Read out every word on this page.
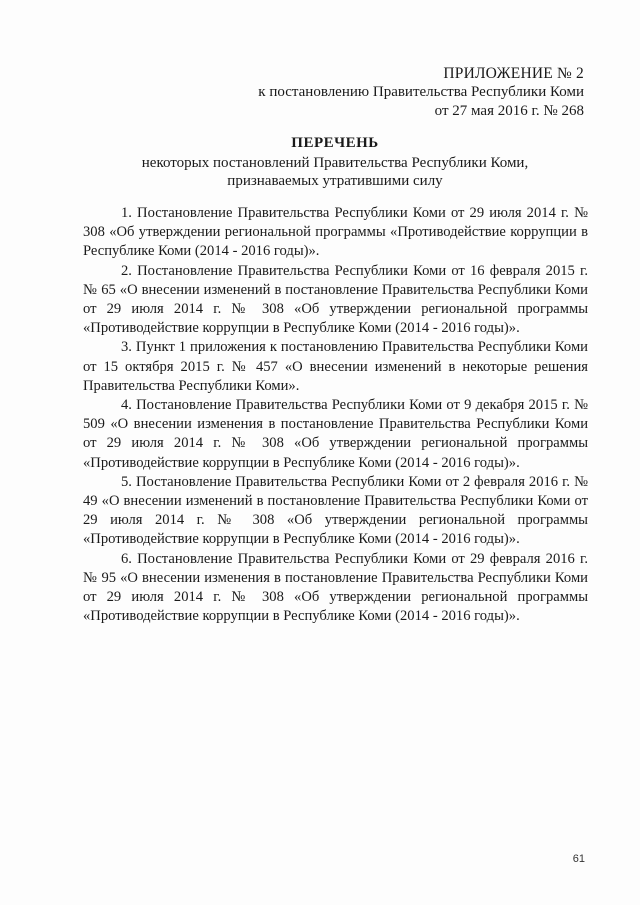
ПРИЛОЖЕНИЕ № 2
к постановлению Правительства Республики Коми
от 27 мая 2016 г. № 268
ПЕРЕЧЕНЬ
некоторых постановлений Правительства Республики Коми,
признаваемых утратившими силу

1. Постановление Правительства Республики Коми от 29 июля 2014 г. № 308 «Об утверждении региональной программы «Противодействие коррупции в Республике Коми (2014 - 2016 годы)».

2. Постановление Правительства Республики Коми от 16 февраля 2015 г. № 65 «О внесении изменений в постановление Правительства Республики Коми от 29 июля 2014 г. № 308 «Об утверждении региональной программы «Противодействие коррупции в Республике Коми (2014 - 2016 годы)».

3. Пункт 1 приложения к постановлению Правительства Республики Коми от 15 октября 2015 г. № 457 «О внесении изменений в некоторые решения Правительства Республики Коми».

4. Постановление Правительства Республики Коми от 9 декабря 2015 г. № 509 «О внесении изменения в постановление Правительства Республики Коми от 29 июля 2014 г. № 308 «Об утверждении региональной программы «Противодействие коррупции в Республике Коми (2014 - 2016 годы)».

5. Постановление Правительства Республики Коми от 2 февраля 2016 г. № 49 «О внесении изменений в постановление Правительства Республики Коми от 29 июля 2014 г. № 308 «Об утверждении региональной программы «Противодействие коррупции в Республике Коми (2014 - 2016 годы)».

6. Постановление Правительства Республики Коми от 29 февраля 2016 г. № 95 «О внесении изменения в постановление Правительства Республики Коми от 29 июля 2014 г. № 308 «Об утверждении региональной программы «Противодействие коррупции в Республике Коми (2014 - 2016 годы)».

61
